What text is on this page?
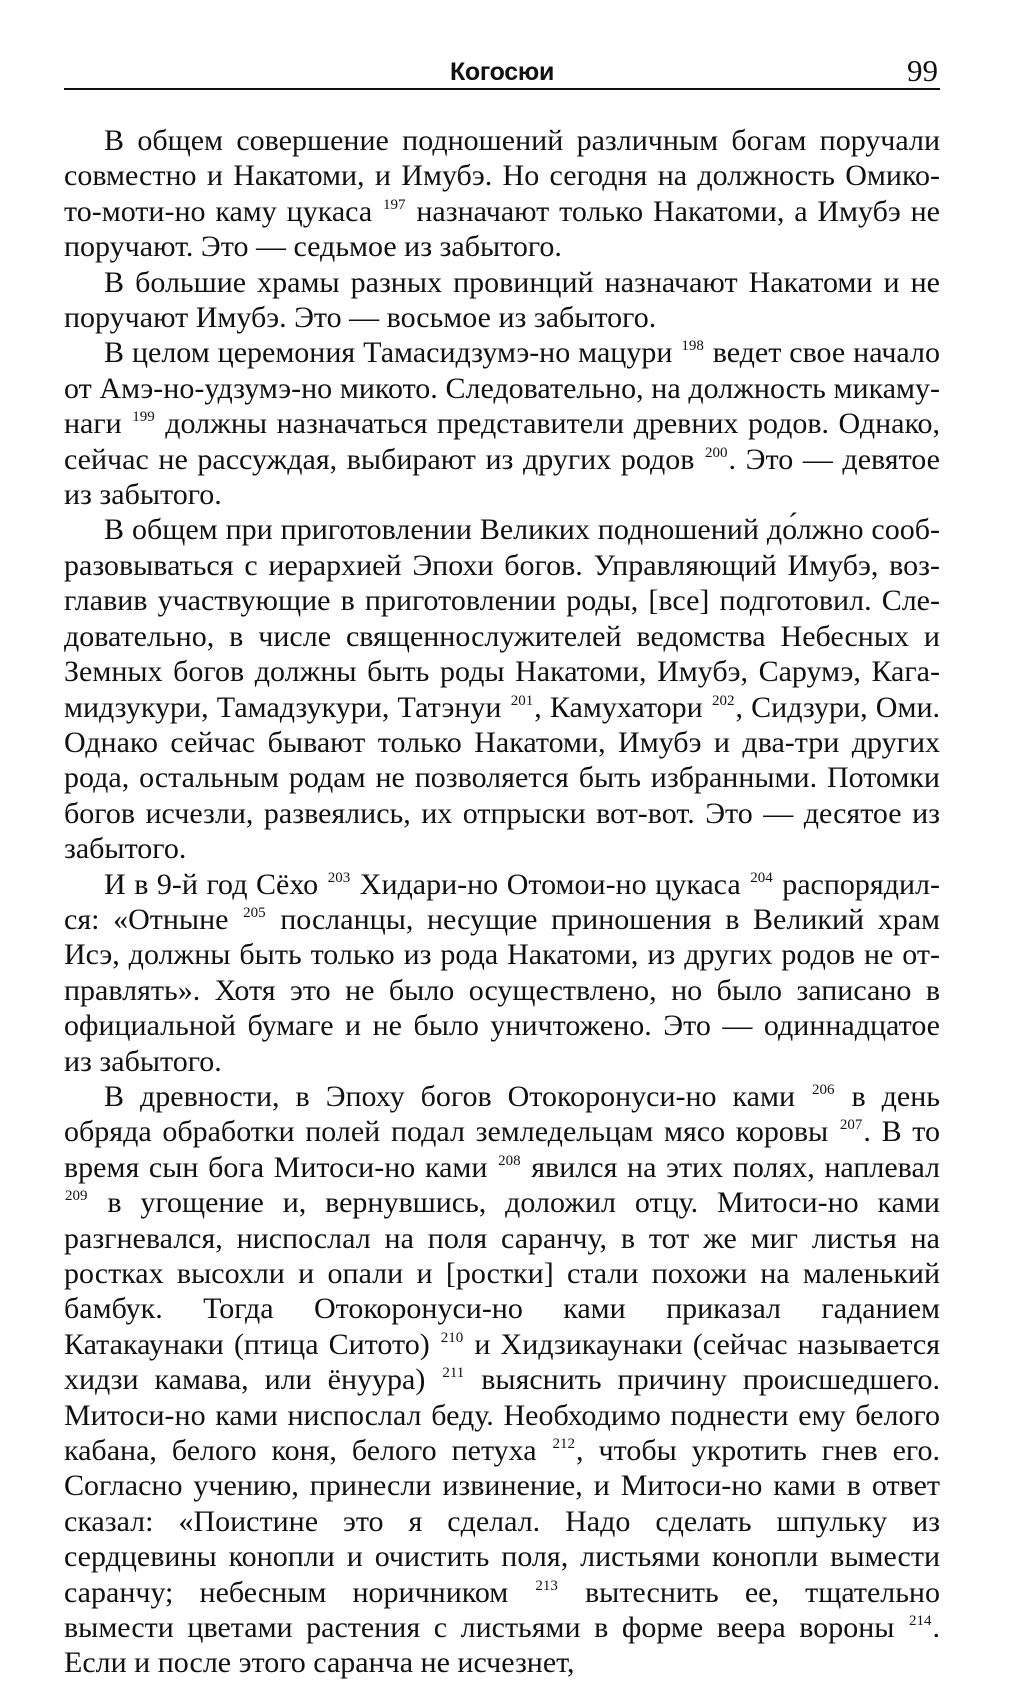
Когосюи	99

В общем совершение подношений различным богам поручали совместно и Накатоми, и Имубэ. Но сегодня на должность Омикото-моти-но каму цукаса $^{197}$ назначают только Накатоми, а Имубэ не поручают. Это — седьмое из забытого.

В большие храмы разных провинций назначают Накатоми и не поручают Имубэ. Это — восьмое из забытого.

В целом церемония Тамасидзумэ-но мацури $^{198}$ ведет свое начало от Амэ-но-удзумэ-но микото. Следовательно, на должность микамунаги $^{199}$ должны назначаться представители древних родов. Однако, сейчас не рассуждая, выбирают из других родов $^{200}$. Это — девятое из забытого.

В общем при приготовлении Великих подношений до́лжно сообразовываться с иерархией Эпохи богов. Управляющий Имубэ, возглавив участвующие в приготовлении роды, [все] подготовил. Следовательно, в числе священнослужителей ведомства Небесных и Земных богов должны быть роды Накатоми, Имубэ, Сарумэ, Кагамидзукури, Тамадзукури, Татэнуи $^{201}$, Камухатори $^{202}$, Сидзури, Оми. Однако сейчас бывают только Накатоми, Имубэ и два-три других рода, остальным родам не позволяется быть избранными. Потомки богов исчезли, развеялись, их отпрыски вот-вот. Это — десятое из забытого.

И в 9-й год Сёхо $^{203}$ Хидари-но Отомои-но цукаса $^{204}$ распорядился: «Отныне $^{205}$ посланцы, несущие приношения в Великий храм Исэ, должны быть только из рода Накатоми, из других родов не отправлять». Хотя это не было осуществлено, но было записано в официальной бумаге и не было уничтожено. Это — одиннадцатое из забытого.

В древности, в Эпоху богов Отокоронуси-но ками $^{206}$ в день обряда обработки полей подал земледельцам мясо коровы $^{207}$. В то время сын бога Митоси-но ками $^{208}$ явился на этих полях, наплевал $^{209}$ в угощение и, вернувшись, доложил отцу. Митоси-но ками разгневался, ниспослал на поля саранчу, в тот же миг листья на ростках высохли и опали и [ростки] стали похожи на маленький бамбук. Тогда Отокоронуси-но ками приказал гаданием Катакаунаки (птица Ситото) $^{210}$ и Хидзикаунаки (сейчас называется хидзи камава, или ёнуура) $^{211}$ выяснить причину происшедшего. Митоси-но ками ниспослал беду. Необходимо поднести ему белого кабана, белого коня, белого петуха $^{212}$, чтобы укротить гнев его. Согласно учению, принесли извинение, и Митоси-но ками в ответ сказал: «Поистине это я сделал. Надо сделать шпульку из сердцевины конопли и очистить поля, листьями конопли вымести саранчу; небесным норичником $^{213}$ вытеснить ее, тщательно вымести цветами растения с листьями в форме веера вороны $^{214}$. Если и после этого саранча не исчезнет,
